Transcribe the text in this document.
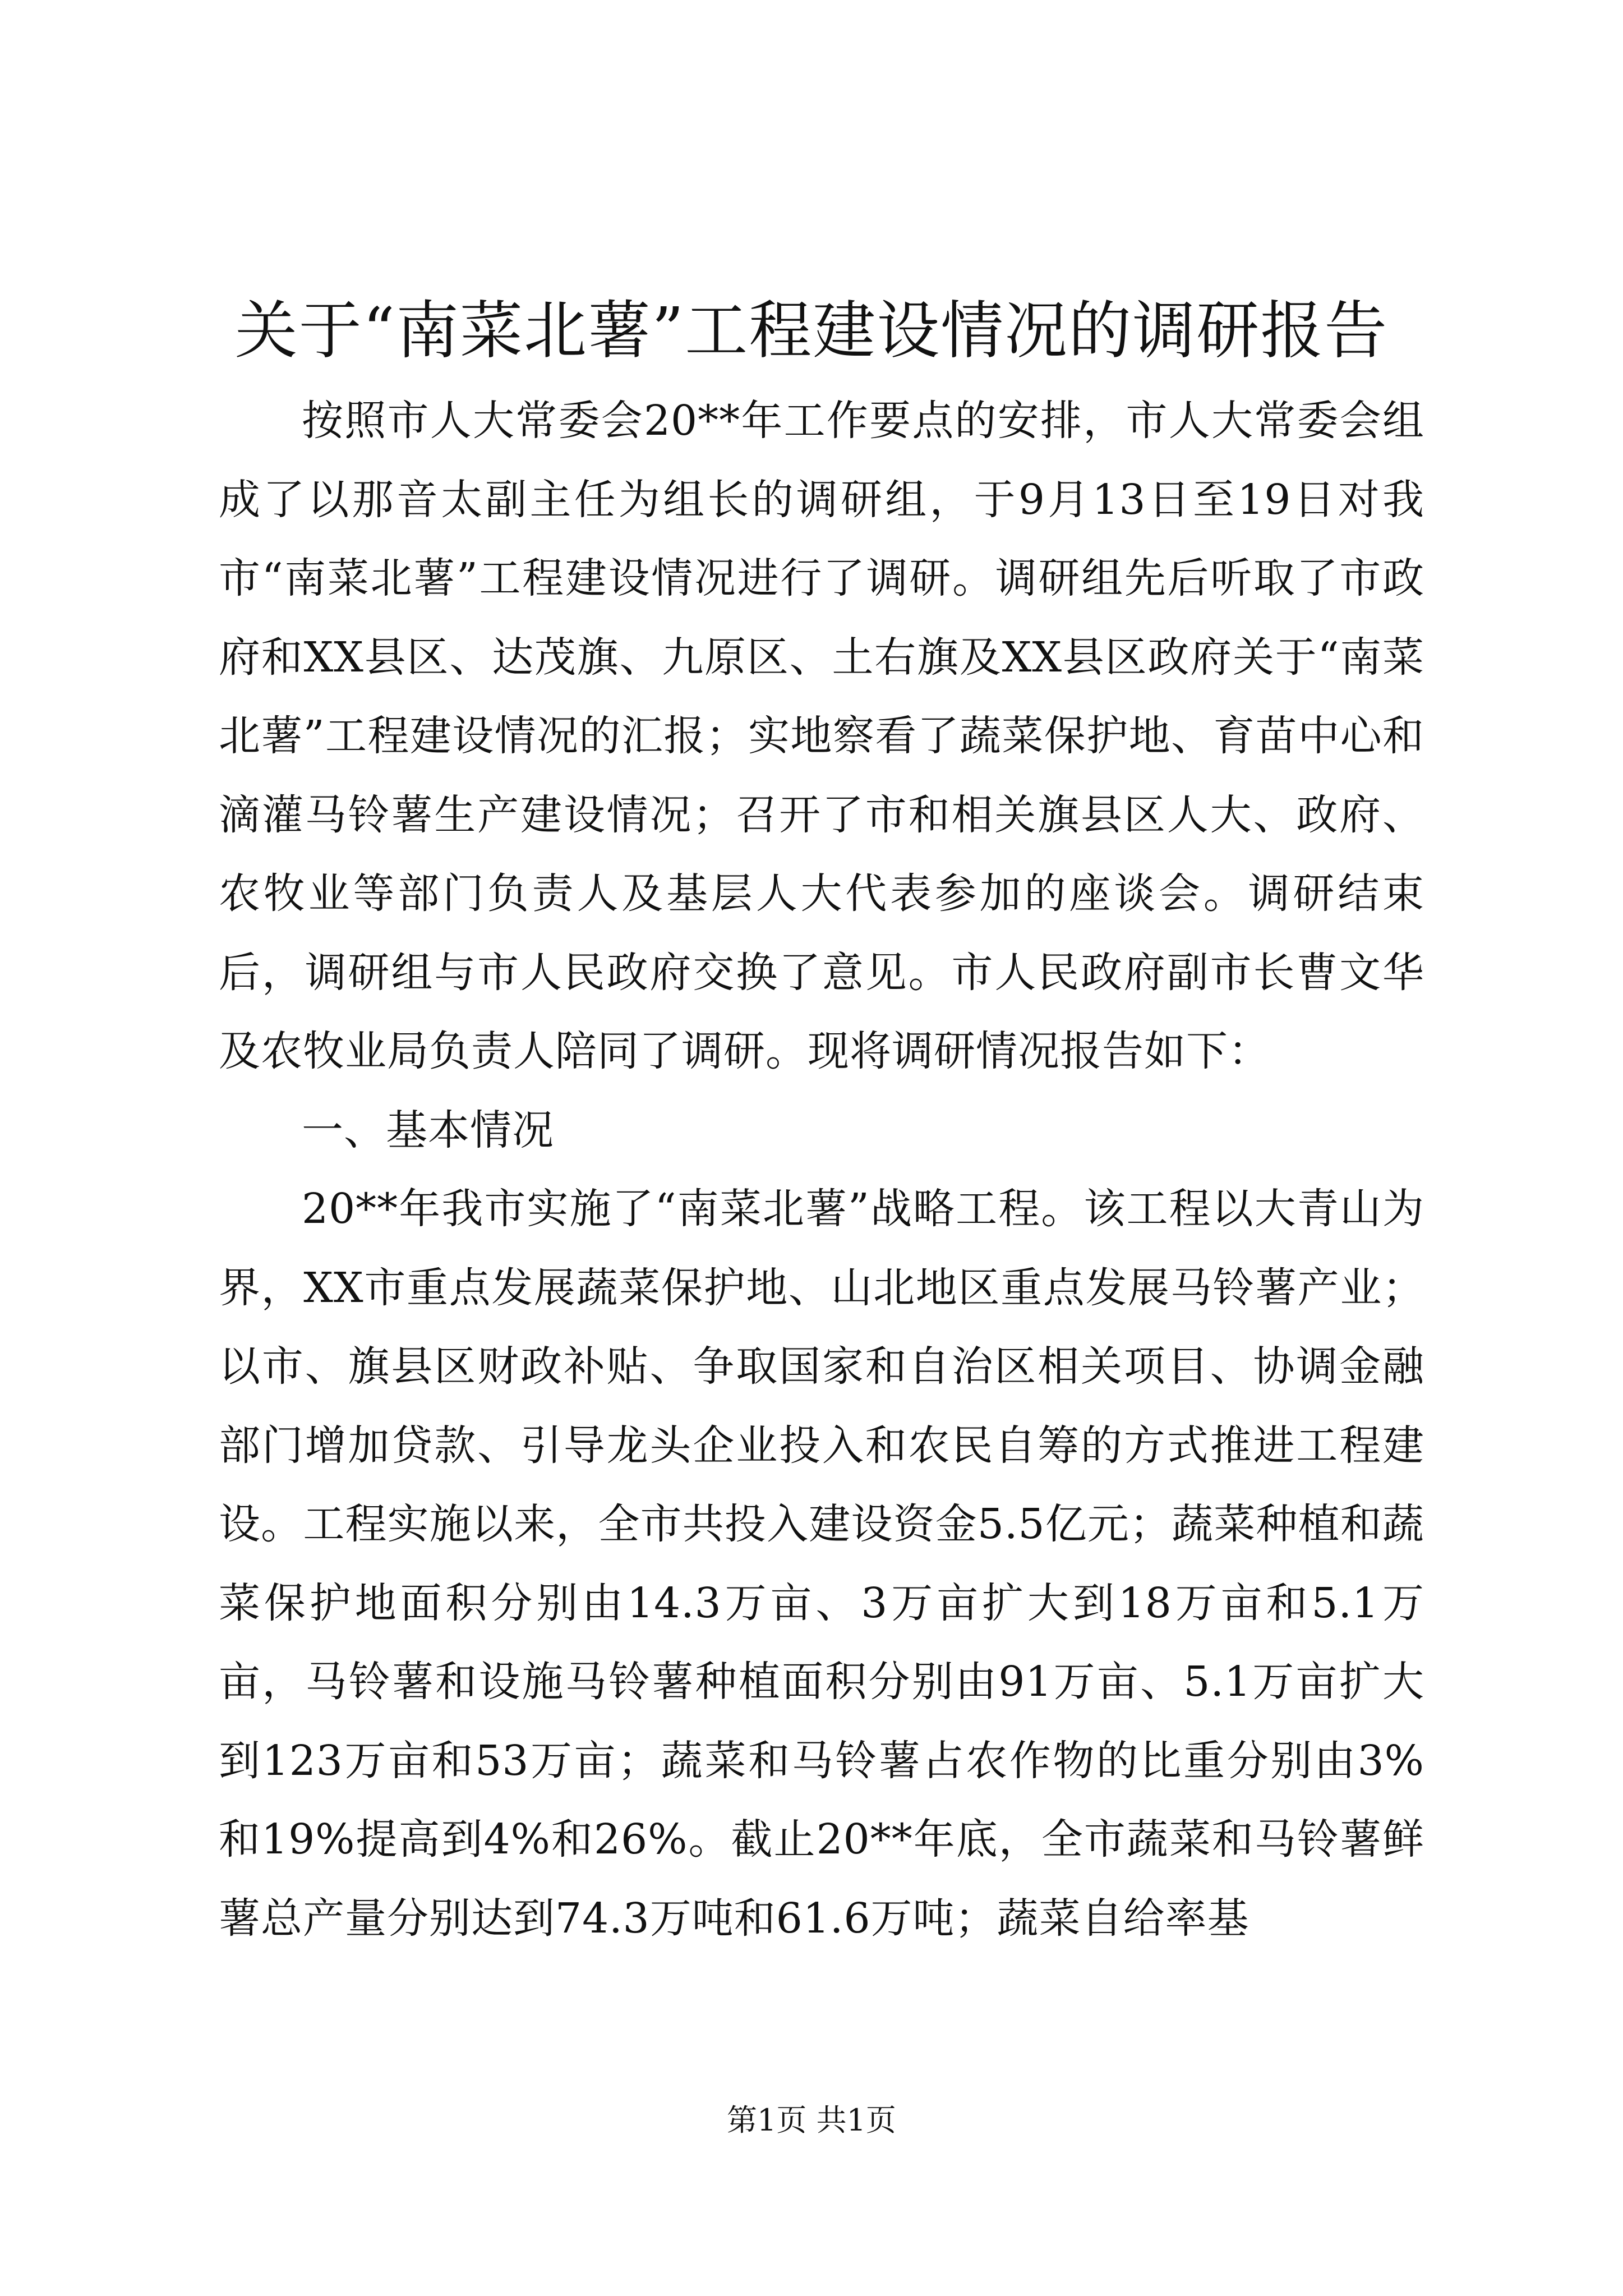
关于“南菜北薯”工程建设情况的调研报告

按照市人大常委会20**年工作要点的安排，市人大常委会组成了以那音太副主任为组长的调研组，于9月13日至19日对我市“南菜北薯”工程建设情况进行了调研。调研组先后听取了市政府和XX县区、达茂旗、九原区、土右旗及XX县区政府关于“南菜北薯”工程建设情况的汇报；实地察看了蔬菜保护地、育苗中心和滴灌马铃薯生产建设情况；召开了市和相关旗县区人大、政府、农牧业等部门负责人及基层人大代表参加的座谈会。调研结束后，调研组与市人民政府交换了意见。市人民政府副市长曹文华及农牧业局负责人陪同了调研。现将调研情况报告如下：

一、基本情况

20**年我市实施了“南菜北薯”战略工程。该工程以大青山为界，XX市重点发展蔬菜保护地、山北地区重点发展马铃薯产业；以市、旗县区财政补贴、争取国家和自治区相关项目、协调金融部门增加贷款、引导龙头企业投入和农民自筹的方式推进工程建设。工程实施以来，全市共投入建设资金5.5亿元；蔬菜种植和蔬菜保护地面积分别由14.3万亩、3万亩扩大到18万亩和5.1万亩，马铃薯和设施马铃薯种植面积分别由91万亩、5.1万亩扩大到123万亩和53万亩；蔬菜和马铃薯占农作物的比重分别由3%和19%提高到4%和26%。截止20**年底，全市蔬菜和马铃薯鲜薯总产量分别达到74.3万吨和61.6万吨；蔬菜自给率基

第1页 共1页
